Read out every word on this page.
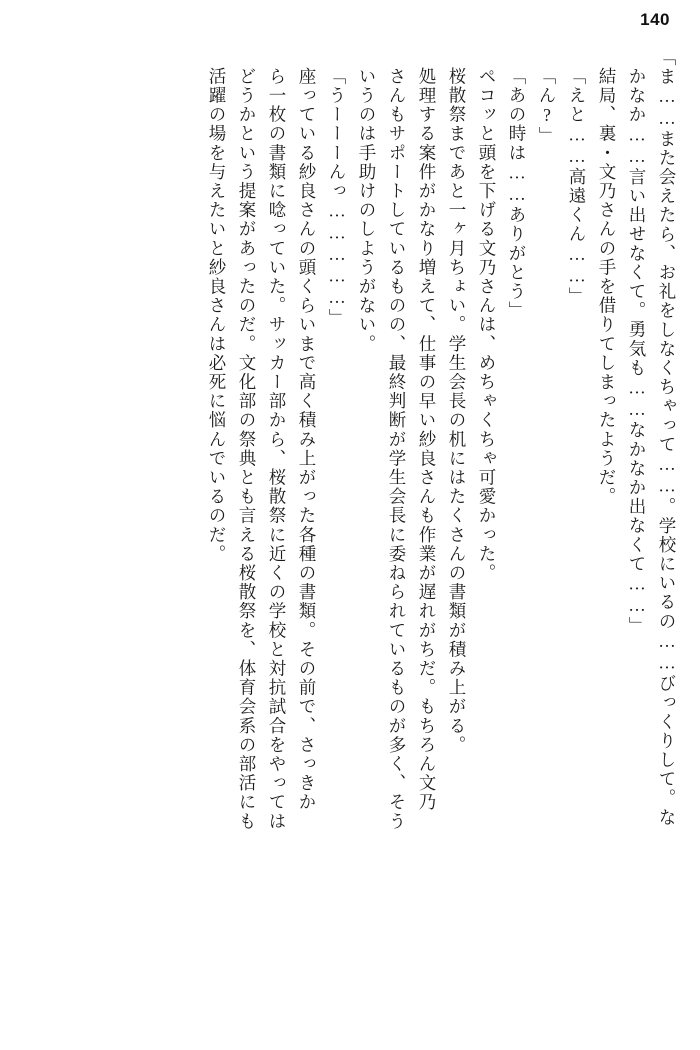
140
「ま……また会えたら、お礼をしなくちゃって……。学校にいるの……びっくりして。な
かなか……言い出せなくて。勇気も……なかなか出なくて……」
結局、裏・文乃さんの手を借りてしまったようだ。
「えと……高遠くん……」
「ん?」
「あの時は……ありがとう」
ペコッと頭を下げる文乃さんは、めちゃくちゃ可愛かった。
桜散祭まであと一ヶ月ちょい。学生会長の机にはたくさんの書類が積み上がる。
処理する案件がかなり増えて、仕事の早い紗良さんも作業が遅れがちだ。もちろん文乃
さんもサポートしているものの、最終判断が学生会長に委ねられているものが多く、そう
いうのは手助けのしようがない。
「うーーーんっ……………」
座っている紗良さんの頭くらいまで高く積み上がった各種の書類。その前で、さっきか
ら一枚の書類に唸っていた。サッカー部から、桜散祭に近くの学校と対抗試合をやっては
どうかという提案があったのだ。文化部の祭典とも言える桜散祭を、体育会系の部活にも
活躍の場を与えたいと紗良さんは必死に悩んでいるのだ。
